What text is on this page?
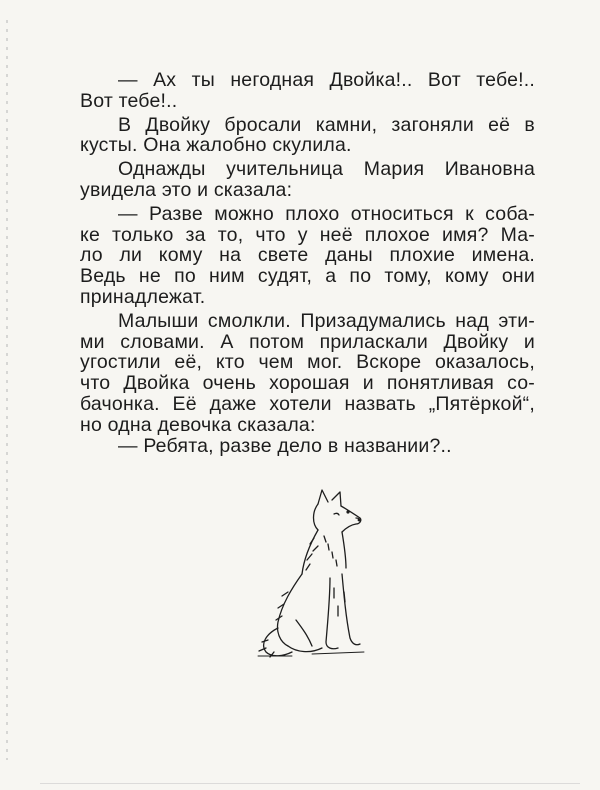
— Ах ты негодная Двойка!.. Вот тебе!..
Вот тебе!..
В Двойку бросали камни, загоняли её в
кусты. Она жалобно скулила.
Однажды учительница Мария Ивановна
увидела это и сказала:
— Разве можно плохо относиться к соба-
ке только за то, что у неё плохое имя? Ма-
ло ли кому на свете даны плохие имена.
Ведь не по ним судят, а по тому, кому они
принадлежат.
Малыши смолкли. Призадумались над эти-
ми словами. А потом приласкали Двойку и
угостили её, кто чем мог. Вскоре оказалось,
что Двойка очень хорошая и понятливая со-
бачонка. Её даже хотели назвать „Пятёркой“,
но одна девочка сказала:
— Ребята, разве дело в названии?..
